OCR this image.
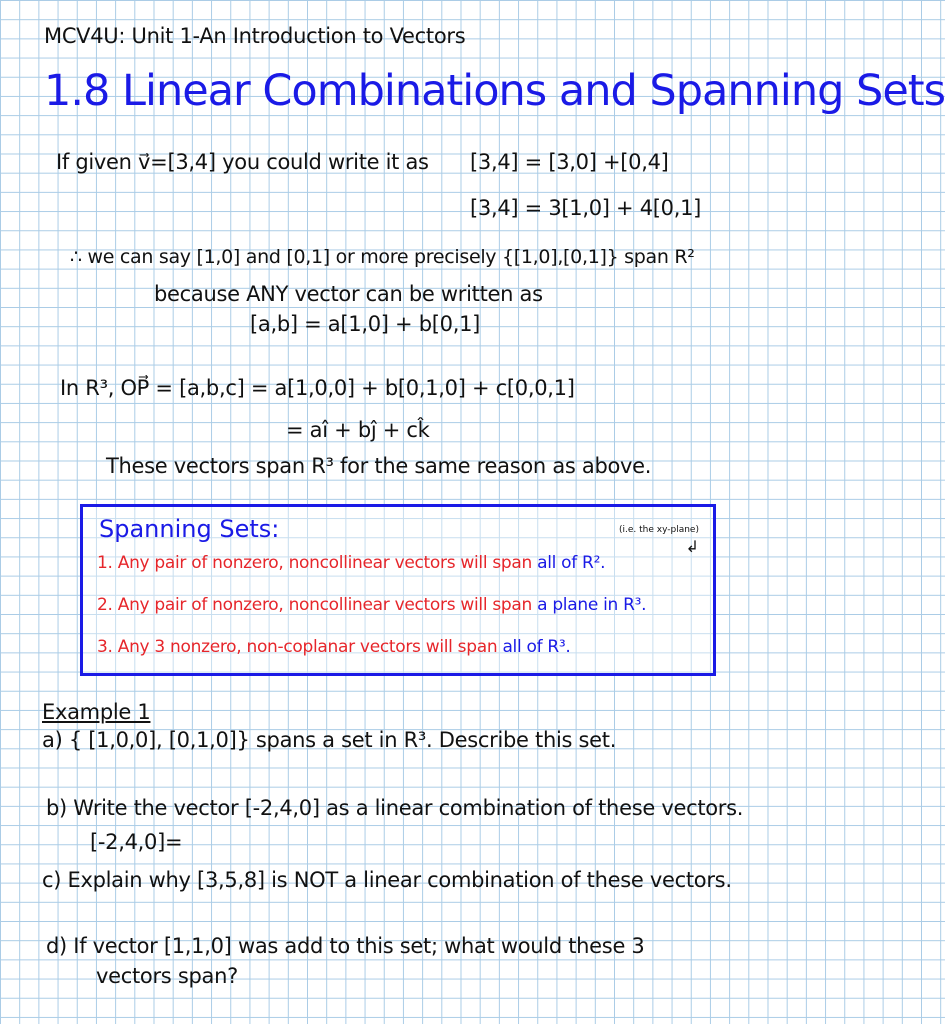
MCV4U: Unit 1-An Introduction to Vectors
1.8 Linear Combinations and Spanning Sets
If given v⃗=[3,4] you could write it as [3,4] = [3,0] +[0,4]
[3,4] = 3[1,0] + 4[0,1]
∴ we can say [1,0] and [0,1] or more precisely {[1,0],[0,1]} span R²
because ANY vector can be written as
[a,b] = a[1,0] + b[0,1]
In R³, OP⃗ = [a,b,c] = a[1,0,0] + b[0,1,0] + c[0,0,1]
= aî + bĵ + ck̂
These vectors span R³ for the same reason as above.
Spanning Sets:	(i.e. the xy-plane)
↲
1. Any pair of nonzero, noncollinear vectors will span all of R².
2. Any pair of nonzero, noncollinear vectors will span a plane in R³.
3. Any 3 nonzero, non-coplanar vectors will span all of R³.
Example 1
a) { [1,0,0], [0,1,0]} spans a set in R³. Describe this set.
b) Write the vector [-2,4,0] as a linear combination of these vectors.
[-2,4,0]=
c) Explain why [3,5,8] is NOT a linear combination of these vectors.
d) If vector [1,1,0] was add to this set; what would these 3
vectors span?
